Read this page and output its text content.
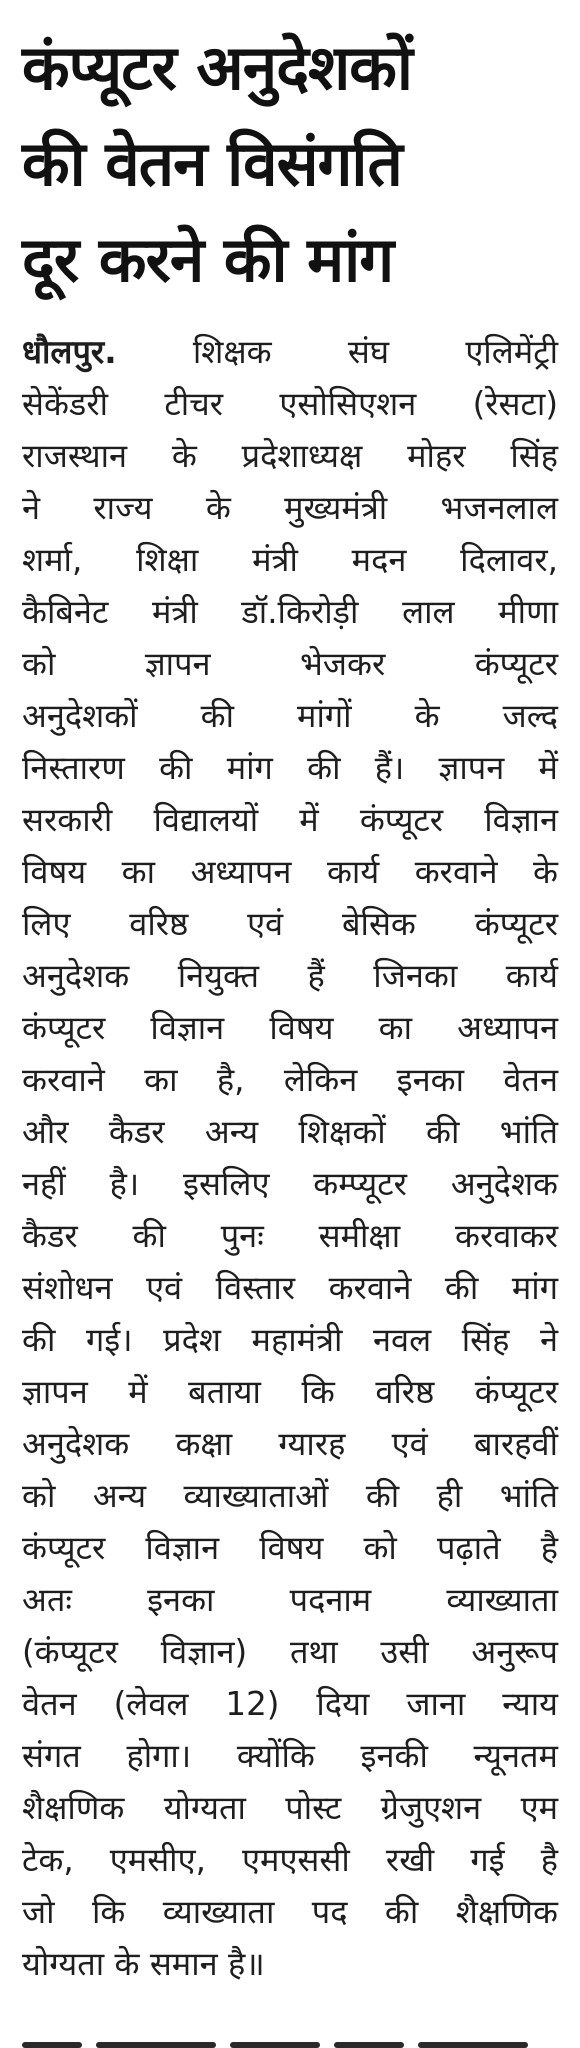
कंप्यूटर अनुदेशकों
की वेतन विसंगति
दूर करने की मांग
धौलपुर. शिक्षक संघ एलिमेंट्री
सेकेंडरी टीचर एसोसिएशन (रेसटा)
राजस्थान के प्रदेशाध्यक्ष मोहर सिंह
ने राज्य के मुख्यमंत्री भजनलाल
शर्मा, शिक्षा मंत्री मदन दिलावर,
कैबिनेट मंत्री डॉ.किरोड़ी लाल मीणा
को ज्ञापन भेजकर कंप्यूटर
अनुदेशकों की मांगों के जल्द
निस्तारण की मांग की हैं। ज्ञापन में
सरकारी विद्यालयों में कंप्यूटर विज्ञान
विषय का अध्यापन कार्य करवाने के
लिए वरिष्ठ एवं बेसिक कंप्यूटर
अनुदेशक नियुक्त हैं जिनका कार्य
कंप्यूटर विज्ञान विषय का अध्यापन
करवाने का है, लेकिन इनका वेतन
और कैडर अन्य शिक्षकों की भांति
नहीं है। इसलिए कम्प्यूटर अनुदेशक
कैडर की पुनः समीक्षा करवाकर
संशोधन एवं विस्तार करवाने की मांग
की गई। प्रदेश महामंत्री नवल सिंह ने
ज्ञापन में बताया कि वरिष्ठ कंप्यूटर
अनुदेशक कक्षा ग्यारह एवं बारहवीं
को अन्य व्याख्याताओं की ही भांति
कंप्यूटर विज्ञान विषय को पढ़ाते है
अतः इनका पदनाम व्याख्याता
(कंप्यूटर विज्ञान) तथा उसी अनुरूप
वेतन (लेवल 12) दिया जाना न्याय
संगत होगा। क्योंकि इनकी न्यूनतम
शैक्षणिक योग्यता पोस्ट ग्रेजुएशन एम
टेक, एमसीए, एमएससी रखी गई है
जो कि व्याख्याता पद की शैक्षणिक
योग्यता के समान है॥
